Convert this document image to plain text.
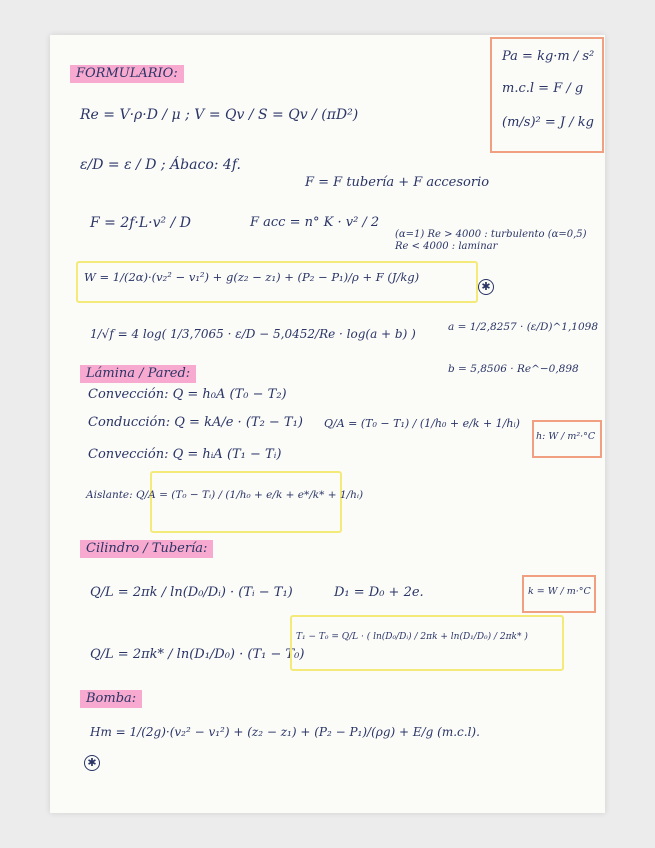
Pa = kg·m / s²
m.c.l = F / g
(m/s)² = J / kg
FORMULARIO:
Re = V·ρ·D / μ ; V = Qv / S = Qv / (πD²)
ε/D = ε / D ; Ábaco: 4f.
F = F tubería + F accesorio
F = 2f·L·v² / D	F acc = n° K · v² / 2
(α=1) Re > 4000 : turbulento (α=0,5) Re < 4000 : laminar
W = 1/(2α)·(v₂² − v₁²) + g(z₂ − z₁) + (P₂ − P₁)/ρ + F (J/kg)
✱
1/√f = 4 log( 1/3,7065 · ε/D − 5,0452/Re · log(a + b) )	a = 1/2,8257 · (ε/D)^1,1098
b = 5,8506 · Re^−0,898
Lámina / Pared:
Convección: Q = h₀A (T₀ − T₂)
Conducción: Q = kA/e · (T₂ − T₁)
Convección: Q = hᵢA (T₁ − Tᵢ)
Q/A = (T₀ − T₁) / (1/h₀ + e/k + 1/hᵢ)
h: W / m²·°C
Aislante: Q/A = (T₀ − Tᵢ) / (1/h₀ + e/k + e*/k* + 1/hᵢ)
Cilindro / Tubería:
Q/L = 2πk / ln(D₀/Dᵢ) · (Tᵢ − T₁)	D₁ = D₀ + 2e.	k = W / m·°C
Q/L = 2πk* / ln(D₁/D₀) · (T₁ − T₀)
T₁ − T₀ = Q/L · ( ln(D₀/Dᵢ) / 2πk + ln(D₁/D₀) / 2πk* )
Bomba:
Hm = 1/(2g)·(v₂² − v₁²) + (z₂ − z₁) + (P₂ − P₁)/(ρg) + E/g (m.c.l).
✱
